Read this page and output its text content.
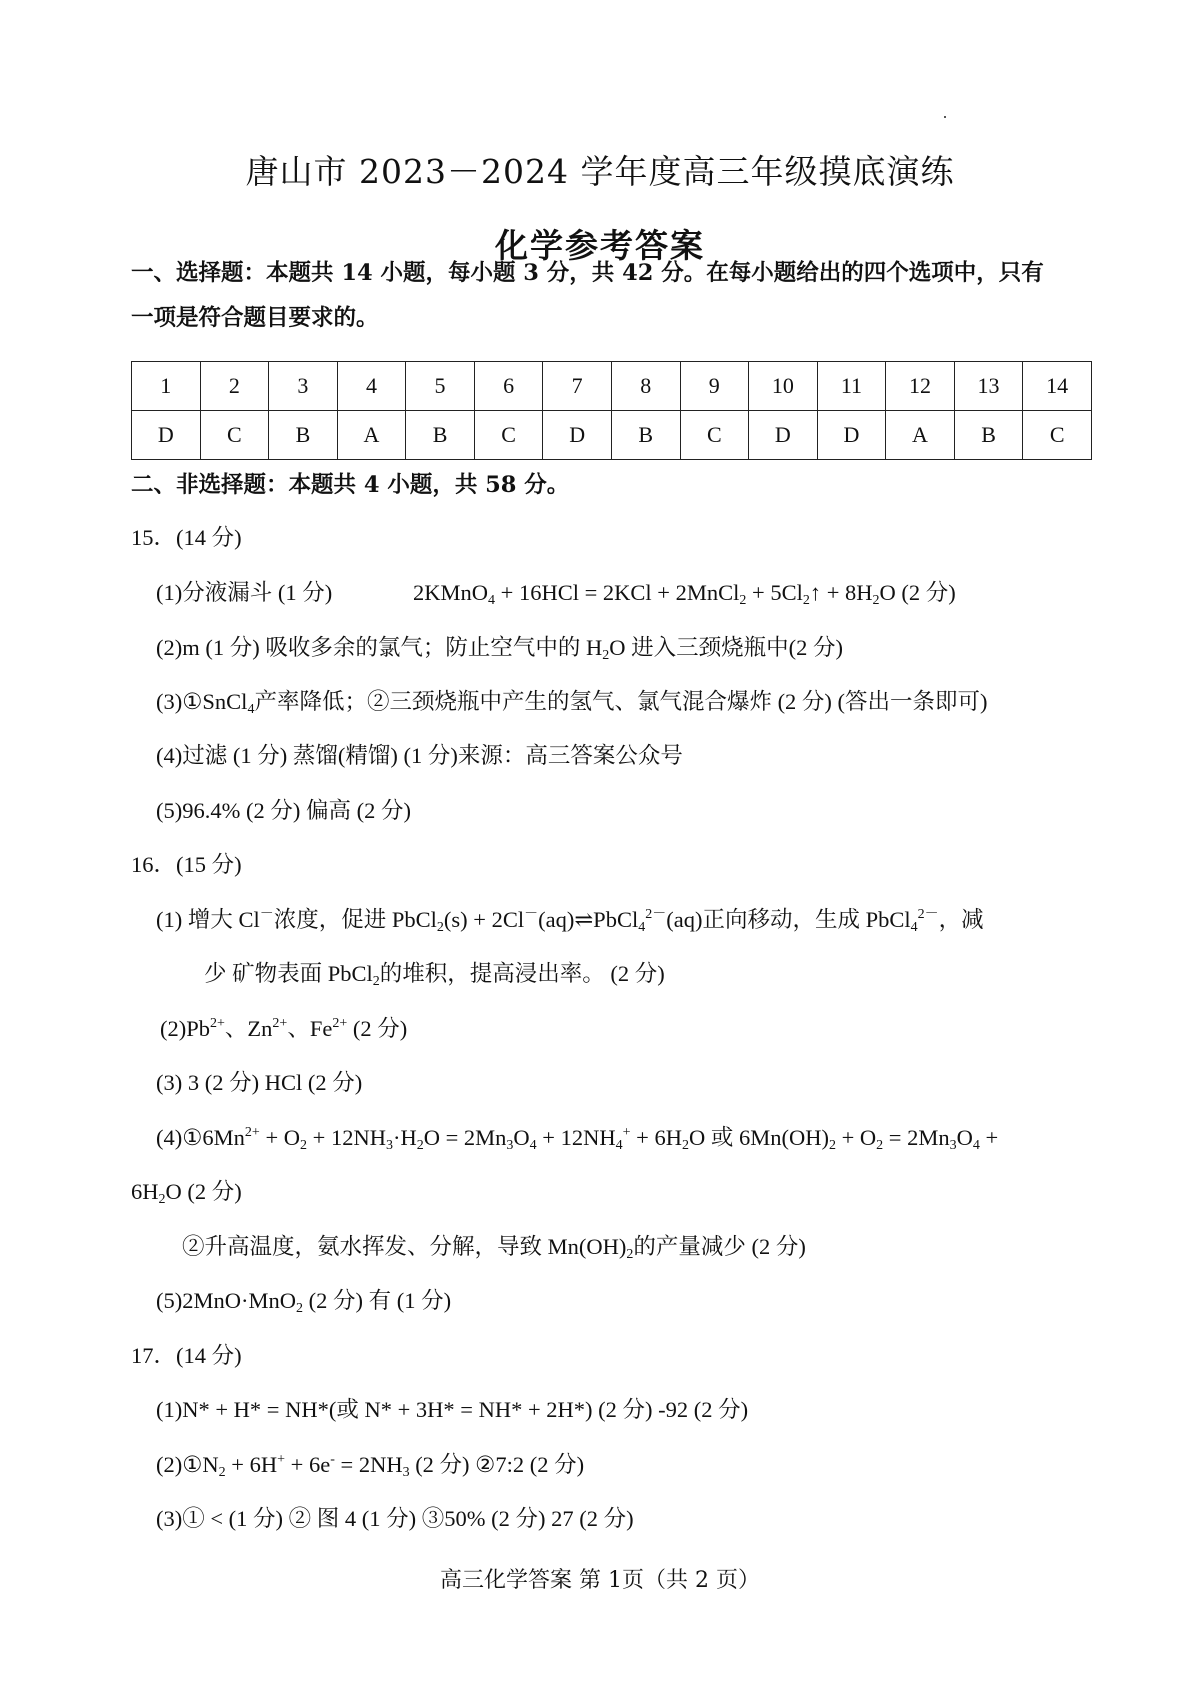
唐山市 2023－2024 学年度高三年级摸底演练
化学参考答案
一、选择题：本题共 14 小题，每小题 3 分，共 42 分。在每小题给出的四个选项中，只有
一项是符合题目要求的。
1	2	3	4	5	6	7	8	9	10	11	12	13	14
D	C	B	A	B	C	D	B	C	D	D	A	B	C
二、非选择题：本题共 4 小题，共 58 分。
15．(14 分)
(1)分液漏斗 (1 分)	2KMnO$_4$ + 16HCl = 2KCl + 2MnCl$_2$ + $5Cl_2↑ + 8H_2O$ (2 分)
(2)m (1 分) 吸收多余的氯气；防止空气中的 $H_2O$ 进入三颈烧瓶中(2 分)
(3)①SnCl$_4$产率降低；②三颈烧瓶中产生的氢气、氯气混合爆炸 (2 分) (答出一条即可)
(4)过滤 (1 分) 蒸馏(精馏) (1 分)来源：高三答案公众号
(5)96.4% (2 分) 偏高 (2 分)
16．(15 分)
(1) 增大 Cl－浓度，促进 PbCl$_2$(s) + 2Cl－(aq)⇌PbCl$_4^{2-}$(aq)正向移动，生成 PbCl$_4^{2-}$，减
少 矿物表面 PbCl$_2$的堆积，提高浸出率。 (2 分)
$(2)Pb^{2+}$、$Zn^{2+}$、$Fe^{2+}$ (2 分)
(3) 3 (2 分) HCl (2 分)
$(4)①6Mn^{2+} + O_2 + 12NH_3\cdot H_2O = 2Mn_3O_4 + 12NH_4^+ + 6H_2O$ 或 $6Mn(OH)_2 + O_2 = 2Mn_3O_4$ +
$6H_2O$ (2 分)
②升高温度，氨水挥发、分解，导致 $Mn(OH)_2$的产量减少 (2 分)
(5)2MnO·MnO$_2$ (2 分) 有 (1 分)
17．(14 分)
(1)N* + H* = NH*(或 N* + 3H* = NH* + 2H*) (2 分) -92 (2 分)
$(2)①N_2 + 6H^+ + 6e^- = 2NH_3$ (2 分) ②7:2 (2 分)
(3)① < (1 分) ② 图 4 (1 分) ③50% (2 分) 27 (2 分)
高三化学答案 第 1页（共 2 页）
